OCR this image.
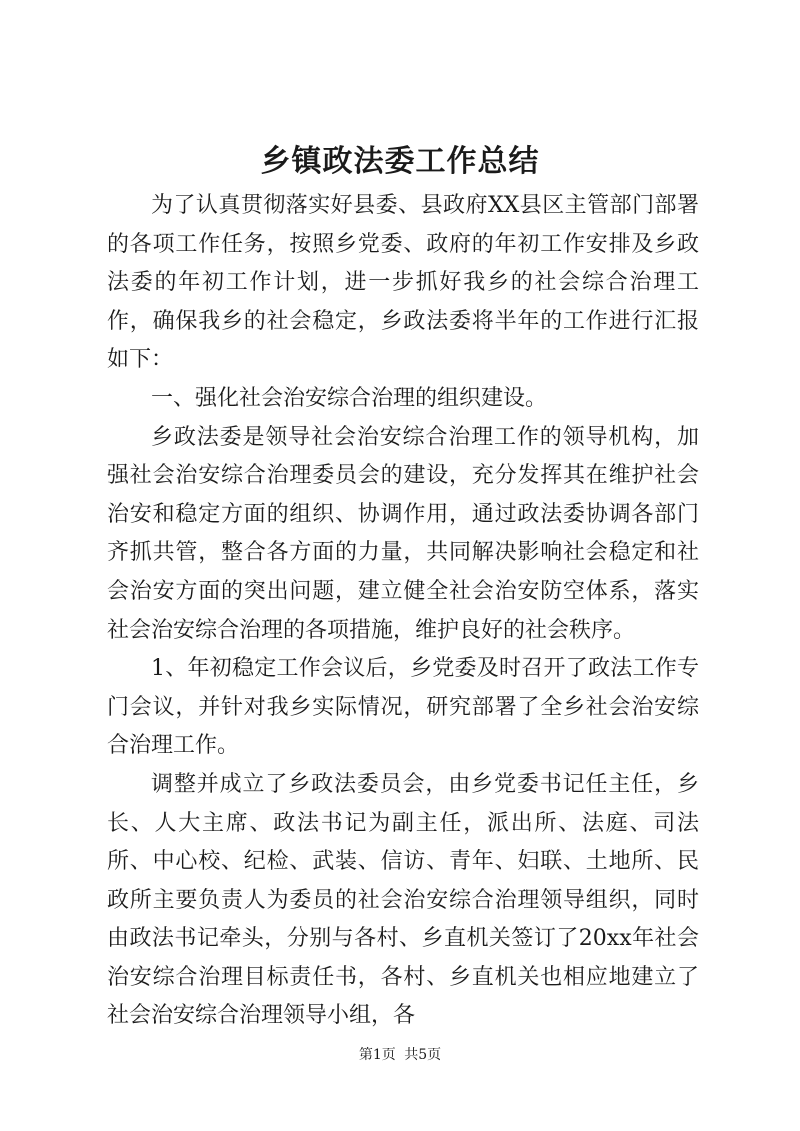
乡镇政法委工作总结

为了认真贯彻落实好县委、县政府XX县区主管部门部署的各项工作任务，按照乡党委、政府的年初工作安排及乡政法委的年初工作计划，进一步抓好我乡的社会综合治理工作，确保我乡的社会稳定，乡政法委将半年的工作进行汇报如下：

一、强化社会治安综合治理的组织建设。

乡政法委是领导社会治安综合治理工作的领导机构，加强社会治安综合治理委员会的建设，充分发挥其在维护社会治安和稳定方面的组织、协调作用，通过政法委协调各部门齐抓共管，整合各方面的力量，共同解决影响社会稳定和社会治安方面的突出问题，建立健全社会治安防空体系，落实社会治安综合治理的各项措施，维护良好的社会秩序。

1、年初稳定工作会议后，乡党委及时召开了政法工作专门会议，并针对我乡实际情况，研究部署了全乡社会治安综合治理工作。

调整并成立了乡政法委员会，由乡党委书记任主任，乡长、人大主席、政法书记为副主任，派出所、法庭、司法所、中心校、纪检、武装、信访、青年、妇联、土地所、民政所主要负责人为委员的社会治安综合治理领导组织，同时由政法书记牵头，分别与各村、乡直机关签订了20xx年社会治安综合治理目标责任书，各村、乡直机关也相应地建立了社会治安综合治理领导小组，各

第1页 共5页
